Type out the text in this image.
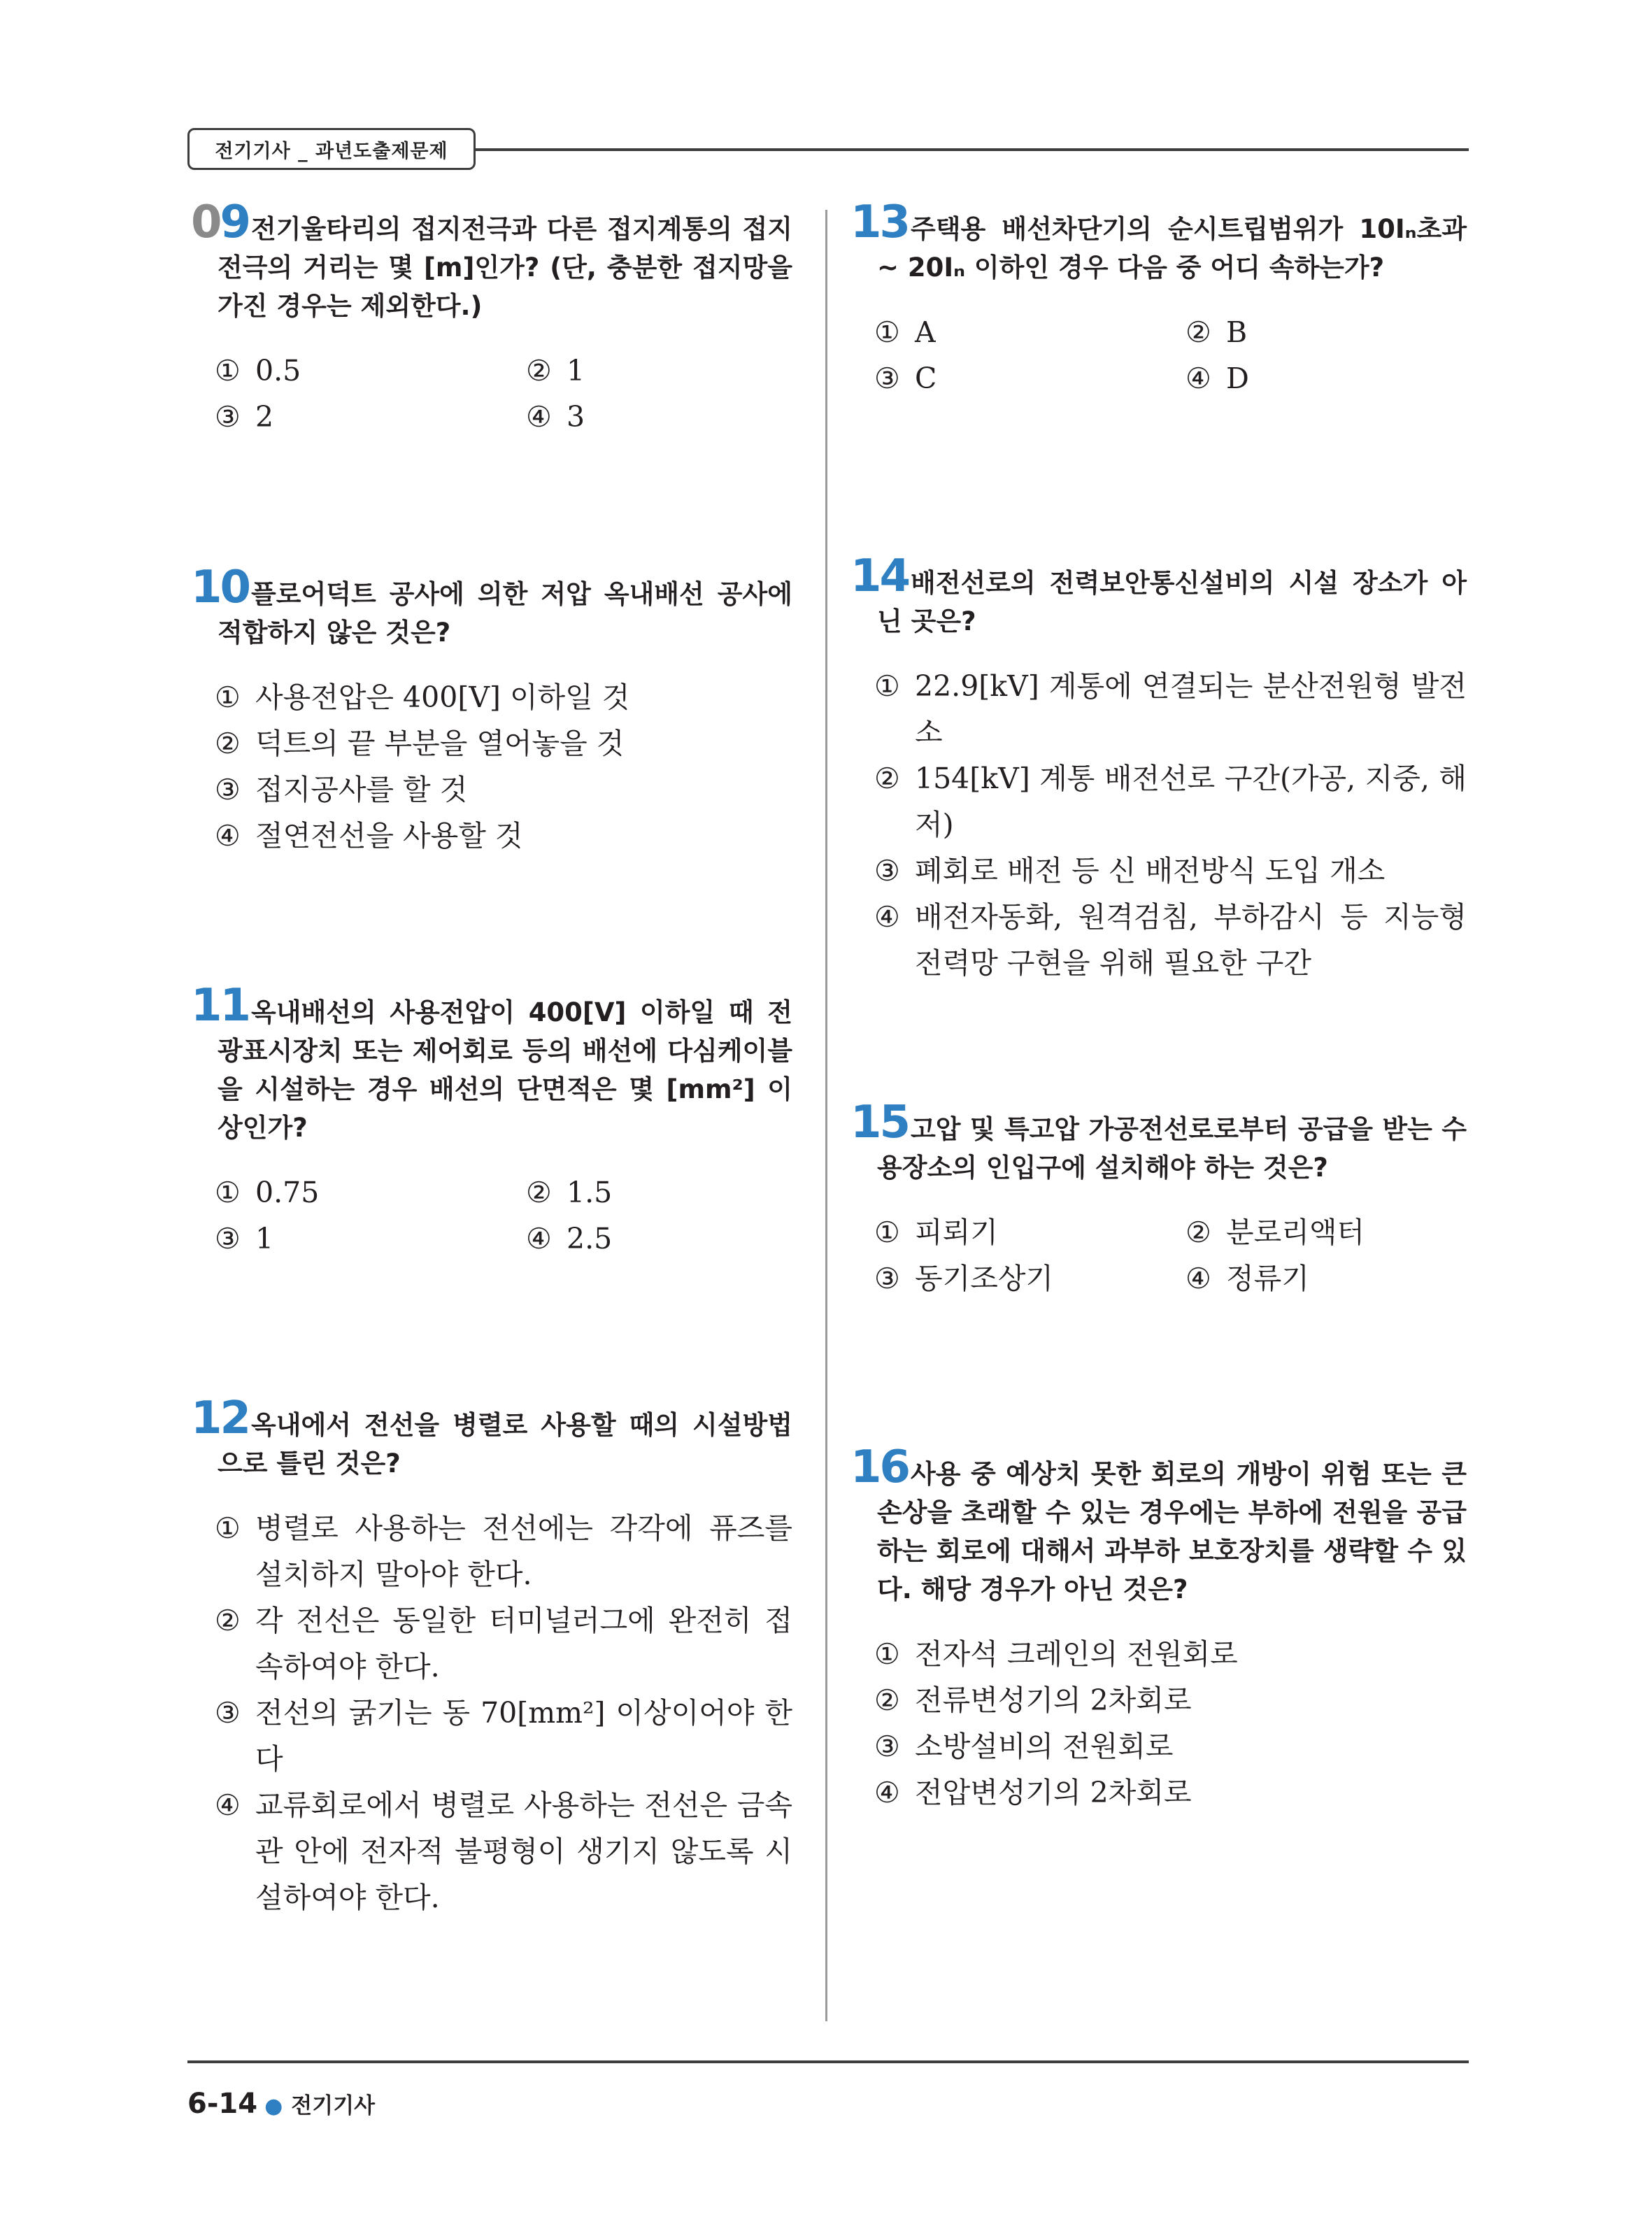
전기기사 _ 과년도출제문제
09 전기울타리의 접지전극과 다른 접지계통의 접지전극의 거리는 몇 [m]인가? (단, 충분한 접지망을 가진 경우는 제외한다.)

① 0.5	② 1
③ 2	④ 3
10 플로어덕트 공사에 의한 저압 옥내배선 공사에 적합하지 않은 것은?

① 사용전압은 400[V] 이하일 것
② 덕트의 끝 부분을 열어놓을 것
③ 접지공사를 할 것
④ 절연전선을 사용할 것
11 옥내배선의 사용전압이 400[V] 이하일 때 전광표시장치 또는 제어회로 등의 배선에 다심케이블을 시설하는 경우 배선의 단면적은 몇 [mm²] 이상인가?

① 0.75	② 1.5
③ 1	④ 2.5
12 옥내에서 전선을 병렬로 사용할 때의 시설방법으로 틀린 것은?

① 병렬로 사용하는 전선에는 각각에 퓨즈를 설치하지 말아야 한다.
② 각 전선은 동일한 터미널러그에 완전히 접속하여야 한다.
③ 전선의 굵기는 동 70[mm²] 이상이어야 한다
④ 교류회로에서 병렬로 사용하는 전선은 금속관 안에 전자적 불평형이 생기지 않도록 시설하여야 한다.
13 주택용 배선차단기의 순시트립범위가 10Iₙ초과 ~ 20Iₙ 이하인 경우 다음 중 어디 속하는가?

① A	② B
③ C	④ D
14 배전선로의 전력보안통신설비의 시설 장소가 아닌 곳은?

① 22.9[kV] 계통에 연결되는 분산전원형 발전소
② 154[kV] 계통 배전선로 구간(가공, 지중, 해저)
③ 폐회로 배전 등 신 배전방식 도입 개소
④ 배전자동화, 원격검침, 부하감시 등 지능형 전력망 구현을 위해 필요한 구간
15 고압 및 특고압 가공전선로로부터 공급을 받는 수용장소의 인입구에 설치해야 하는 것은?

① 피뢰기	② 분로리액터
③ 동기조상기	④ 정류기
16 사용 중 예상치 못한 회로의 개방이 위험 또는 큰 손상을 초래할 수 있는 경우에는 부하에 전원을 공급하는 회로에 대해서 과부하 보호장치를 생략할 수 있다. 해당 경우가 아닌 것은?

① 전자석 크레인의 전원회로
② 전류변성기의 2차회로
③ 소방설비의 전원회로
④ 전압변성기의 2차회로
6-14 ● 전기기사
